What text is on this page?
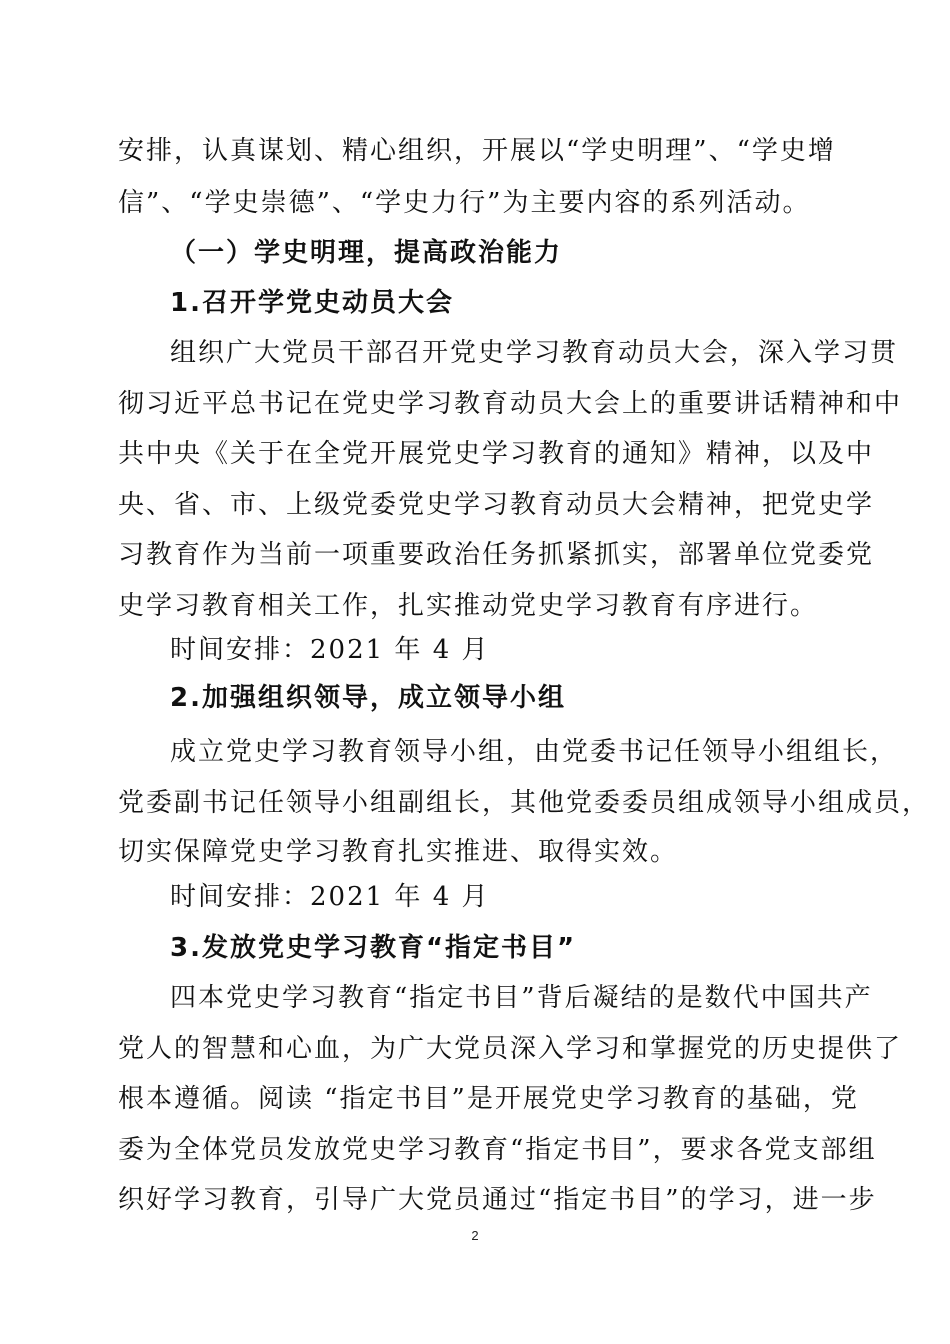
安排，认真谋划、精心组织，开展以“学史明理”、“学史增
信”、“学史崇德”、“学史力行”为主要内容的系列活动。
（一）学史明理，提高政治能力
1.召开学党史动员大会
组织广大党员干部召开党史学习教育动员大会，深入学习贯
彻习近平总书记在党史学习教育动员大会上的重要讲话精神和中
共中央《关于在全党开展党史学习教育的通知》精神，以及中
央、省、市、上级党委党史学习教育动员大会精神，把党史学
习教育作为当前一项重要政治任务抓紧抓实，部署单位党委党
史学习教育相关工作，扎实推动党史学习教育有序进行。
时间安排：2021 年 4 月
2.加强组织领导，成立领导小组
成立党史学习教育领导小组，由党委书记任领导小组组长，
党委副书记任领导小组副组长，其他党委委员组成领导小组成员，
切实保障党史学习教育扎实推进、取得实效。
时间安排：2021 年 4 月
3.发放党史学习教育“指定书目”
四本党史学习教育“指定书目”背后凝结的是数代中国共产
党人的智慧和心血，为广大党员深入学习和掌握党的历史提供了
根本遵循。阅读 “指定书目”是开展党史学习教育的基础，党
委为全体党员发放党史学习教育“指定书目”，要求各党支部组
织好学习教育，引导广大党员通过“指定书目”的学习，进一步
2
